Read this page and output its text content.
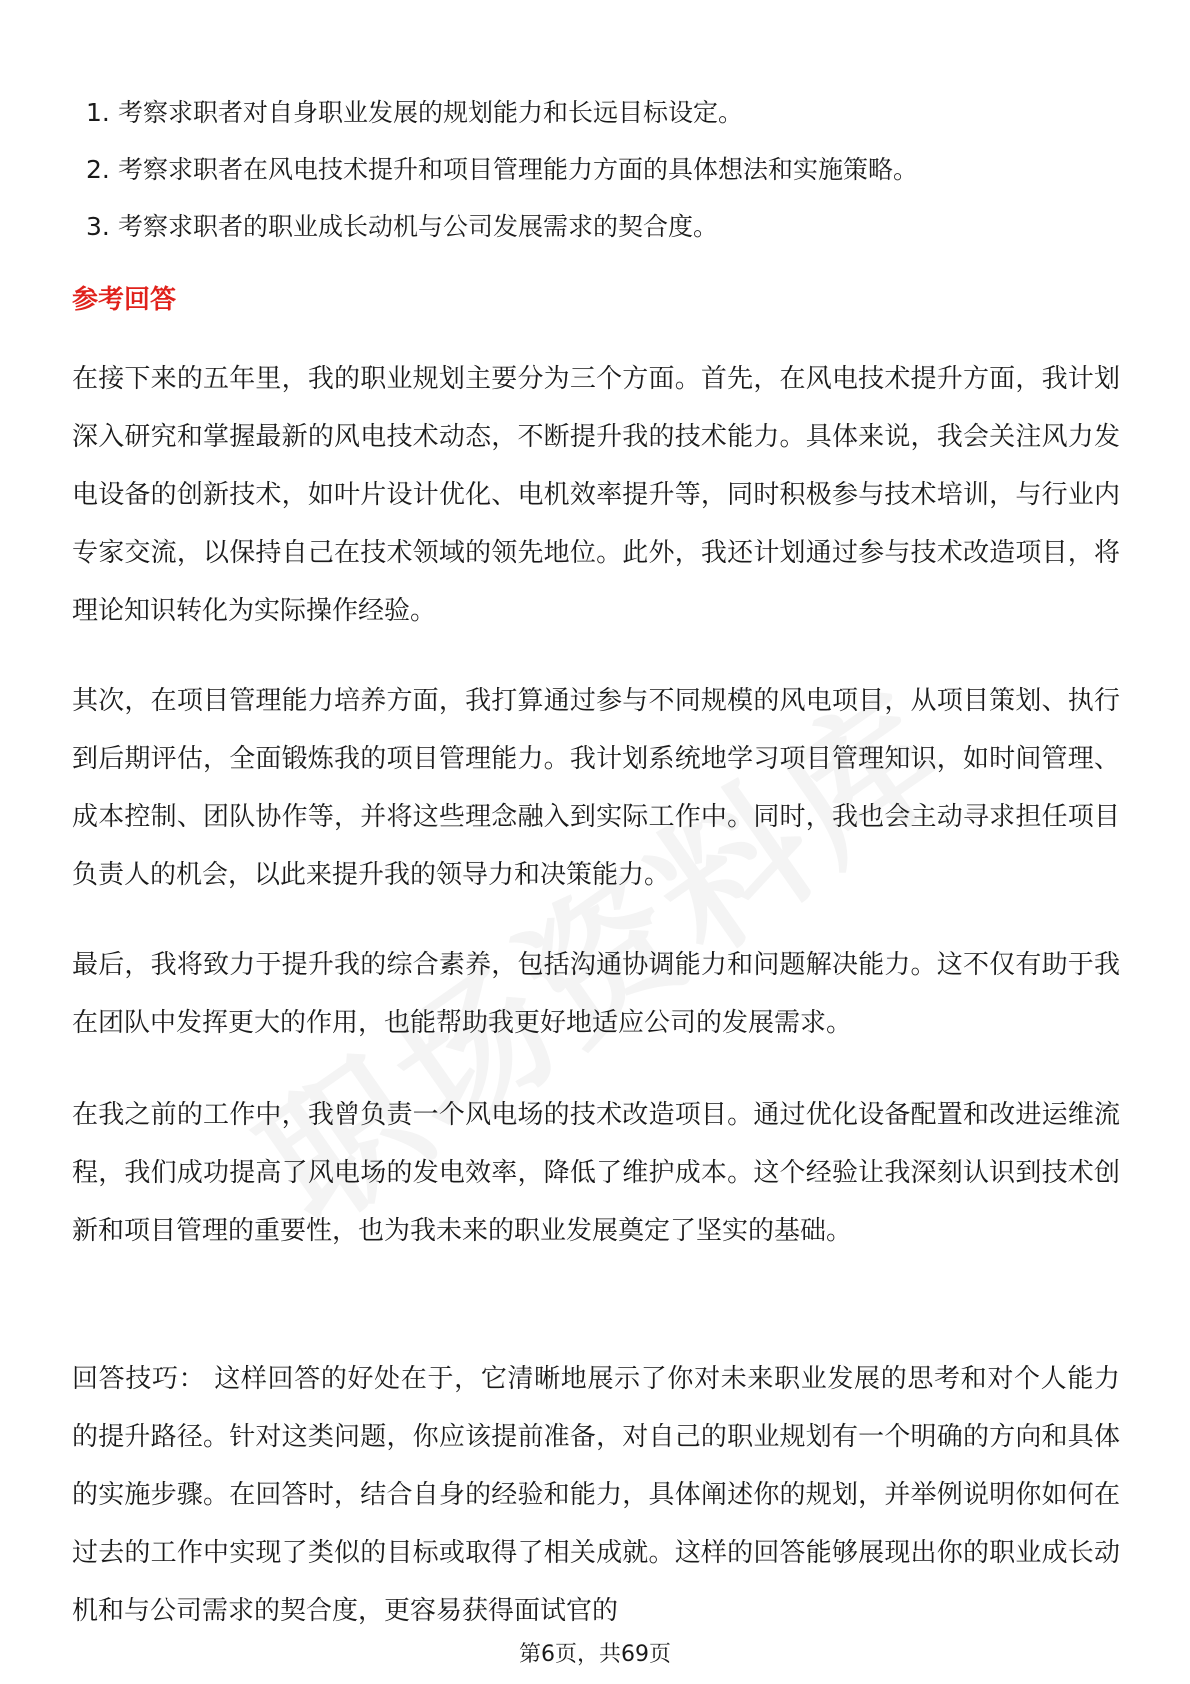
1. 考察求职者对自身职业发展的规划能力和长远目标设定。
2. 考察求职者在风电技术提升和项目管理能力方面的具体想法和实施策略。
3. 考察求职者的职业成长动机与公司发展需求的契合度。
参考回答

在接下来的五年里，我的职业规划主要分为三个方面。首先，在风电技术提升方面，我计划深入研究和掌握最新的风电技术动态，不断提升我的技术能力。具体来说，我会关注风力发电设备的创新技术，如叶片设计优化、电机效率提升等，同时积极参与技术培训，与行业内专家交流，以保持自己在技术领域的领先地位。此外，我还计划通过参与技术改造项目，将理论知识转化为实际操作经验。

其次，在项目管理能力培养方面，我打算通过参与不同规模的风电项目，从项目策划、执行到后期评估，全面锻炼我的项目管理能力。我计划系统地学习项目管理知识，如时间管理、成本控制、团队协作等，并将这些理念融入到实际工作中。同时，我也会主动寻求担任项目负责人的机会，以此来提升我的领导力和决策能力。

最后，我将致力于提升我的综合素养，包括沟通协调能力和问题解决能力。这不仅有助于我在团队中发挥更大的作用，也能帮助我更好地适应公司的发展需求。

在我之前的工作中，我曾负责一个风电场的技术改造项目。通过优化设备配置和改进运维流程，我们成功提高了风电场的发电效率，降低了维护成本。这个经验让我深刻认识到技术创新和项目管理的重要性，也为我未来的职业发展奠定了坚实的基础。

回答技巧： 这样回答的好处在于，它清晰地展示了你对未来职业发展的思考和对个人能力的提升路径。针对这类问题，你应该提前准备，对自己的职业规划有一个明确的方向和具体的实施步骤。在回答时，结合自身的经验和能力，具体阐述你的规划，并举例说明你如何在过去的工作中实现了类似的目标或取得了相关成就。这样的回答能够展现出你的职业成长动机和与公司需求的契合度，更容易获得面试官的

第6页，共69页
